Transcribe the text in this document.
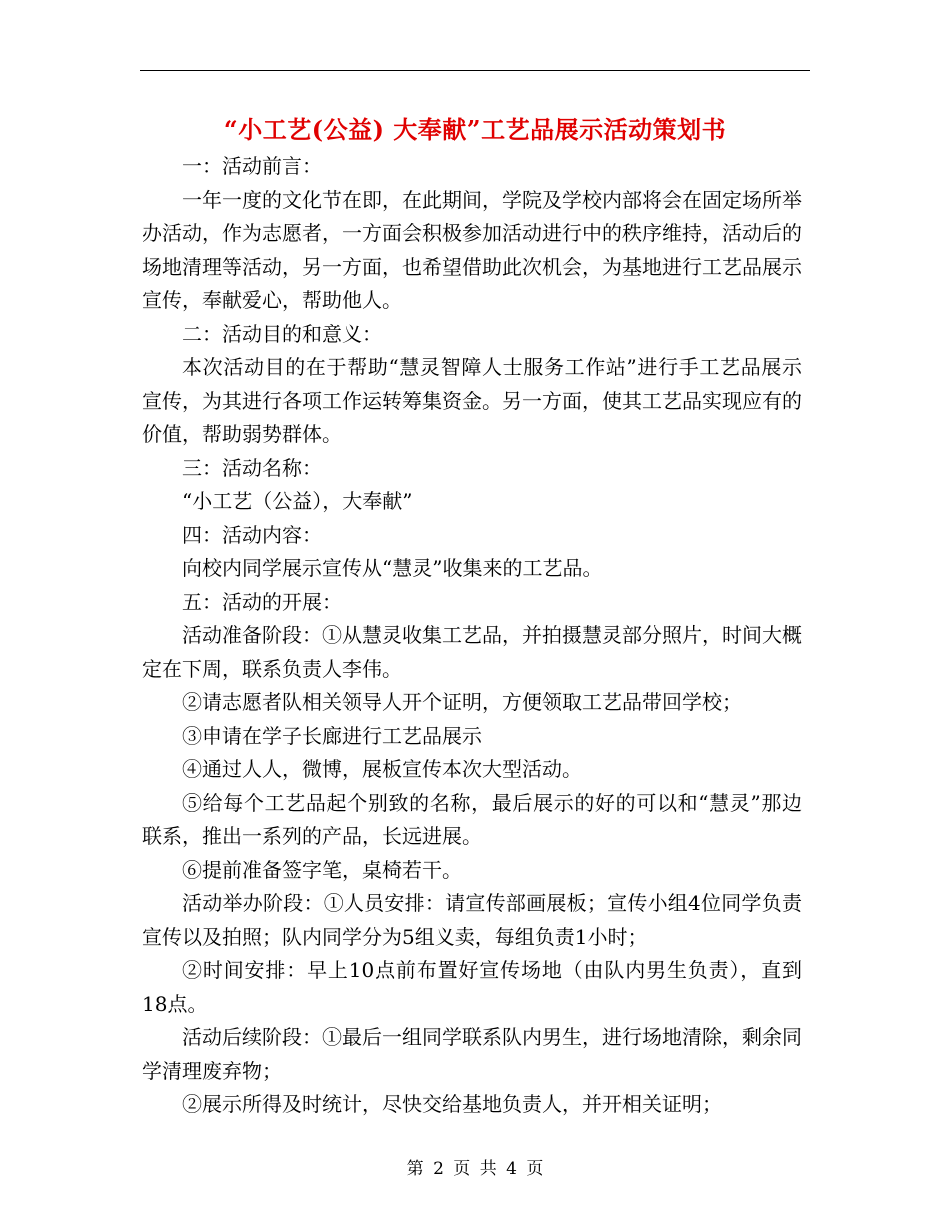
“小工艺(公益) 大奉献”工艺品展示活动策划书

一：活动前言：

一年一度的文化节在即，在此期间，学院及学校内部将会在固定场所举办活动，作为志愿者，一方面会积极参加活动进行中的秩序维持，活动后的场地清理等活动，另一方面，也希望借助此次机会，为基地进行工艺品展示宣传，奉献爱心，帮助他人。

二：活动目的和意义：

本次活动目的在于帮助“慧灵智障人士服务工作站”进行手工艺品展示宣传，为其进行各项工作运转筹集资金。另一方面，使其工艺品实现应有的价值，帮助弱势群体。

三：活动名称：

“小工艺（公益），大奉献”

四：活动内容：

向校内同学展示宣传从“慧灵”收集来的工艺品。

五：活动的开展：

活动准备阶段：①从慧灵收集工艺品，并拍摄慧灵部分照片，时间大概定在下周，联系负责人李伟。

②请志愿者队相关领导人开个证明，方便领取工艺品带回学校；

③申请在学子长廊进行工艺品展示

④通过人人，微博，展板宣传本次大型活动。

⑤给每个工艺品起个别致的名称，最后展示的好的可以和“慧灵”那边联系，推出一系列的产品，长远进展。

⑥提前准备签字笔，桌椅若干。

活动举办阶段：①人员安排：请宣传部画展板；宣传小组4位同学负责宣传以及拍照；队内同学分为5组义卖，每组负责1小时；

②时间安排：早上10点前布置好宣传场地（由队内男生负责），直到18点。

活动后续阶段：①最后一组同学联系队内男生，进行场地清除，剩余同学清理废弃物；

②展示所得及时统计，尽快交给基地负责人，并开相关证明；

第 2 页 共 4 页
